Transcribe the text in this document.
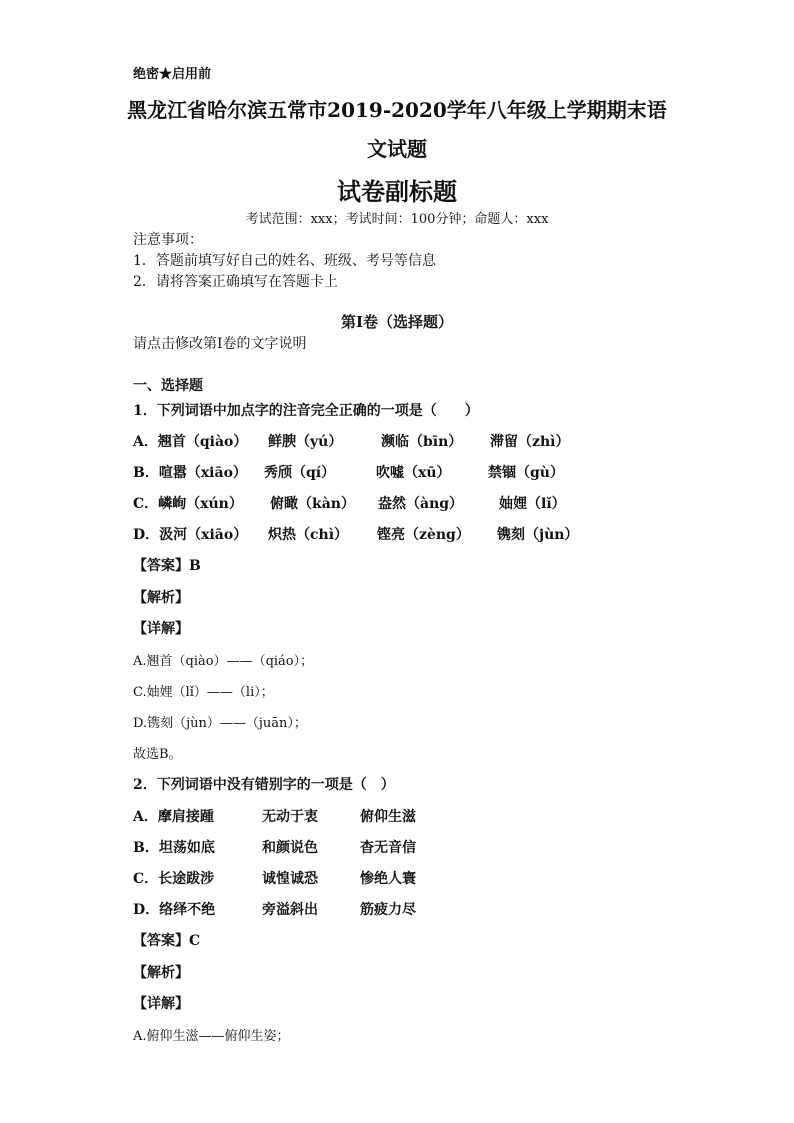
绝密★启用前
黑龙江省哈尔滨五常市2019-2020学年八年级上学期期末语
文试题
试卷副标题
考试范围：xxx；考试时间：100分钟；命题人：xxx
注意事项：
1．答题前填写好自己的姓名、班级、考号等信息
2．请将答案正确填写在答题卡上
第I卷（选择题）
请点击修改第I卷的文字说明
一、选择题
1．下列词语中加点字的注音完全正确的一项是（　　）
A．翘首（qiào） 鲜腴（yú）	濒临（bīn） 滞留（zhì）
B．喧嚣（xiāo） 秀颀（qí）	吹嘘（xū）	禁锢（gù）
C．嶙峋（xún） 俯瞰（kàn） 盎然（àng）	妯娌（lǐ）
D．汲河（xiāo） 炽热（chì） 铿亮（zèng） 镌刻（jùn）
【答案】B
【解析】
【详解】
A.翘首（qiào）——（qiáo）；
C.妯娌（lǐ）——（li）；
D.镌刻（jùn）——（juān）；
故选B。
2．下列词语中没有错别字的一项是（　）
A．摩肩接踵	无动于衷	俯仰生滋
B．坦荡如底	和颜说色	杳无音信
C．长途跋涉	诚惶诚恐	惨绝人寰
D．络绎不绝	旁溢斜出	筋疲力尽
【答案】C
【解析】
【详解】
A.俯仰生滋——俯仰生姿；
